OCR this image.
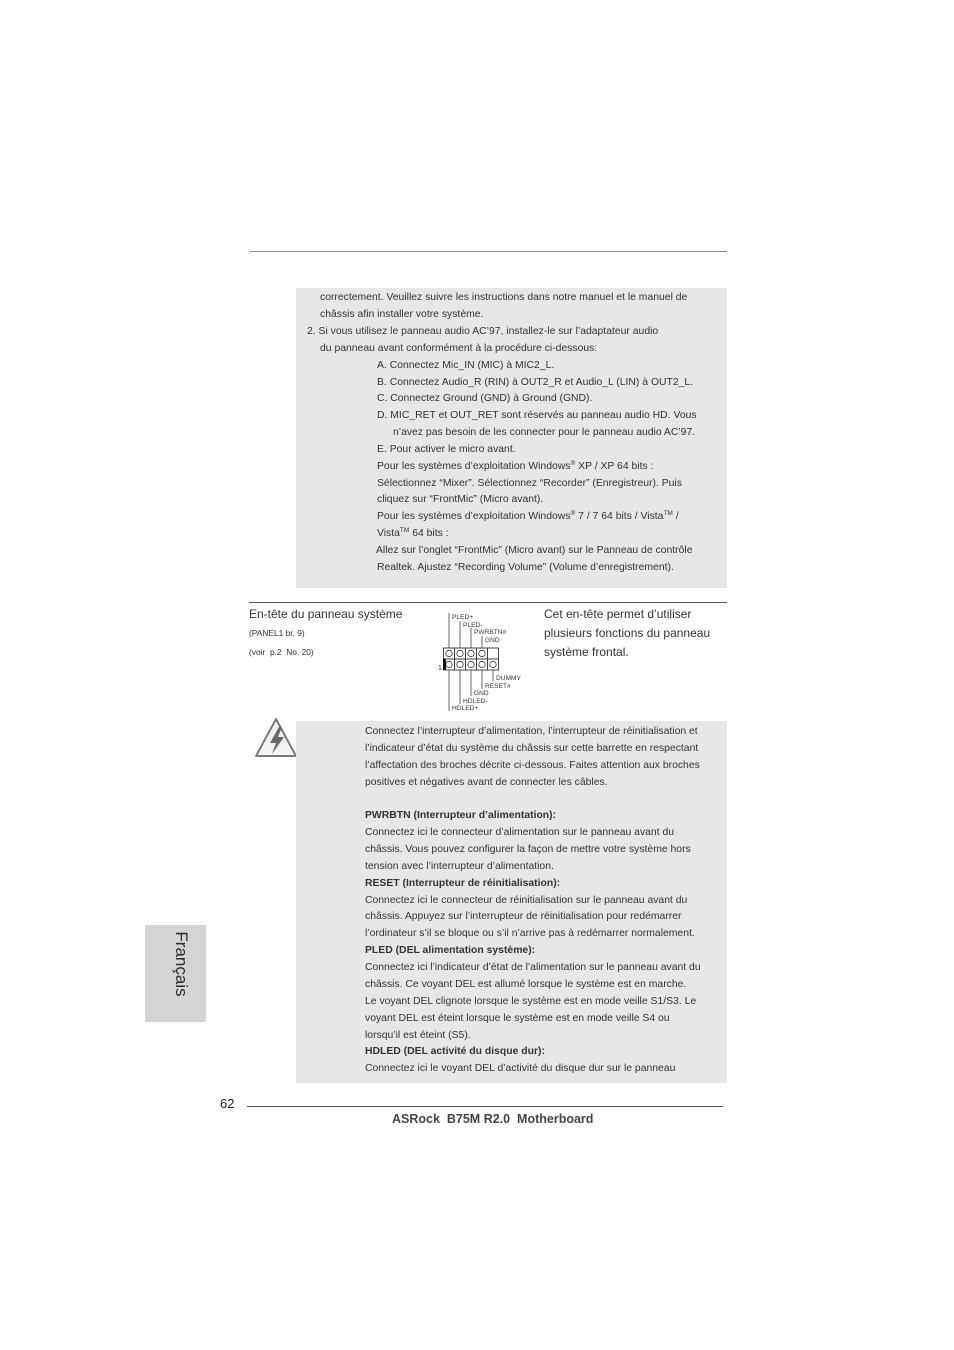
correctement. Veuillez suivre les instructions dans notre manuel et le manuel de
châssis afin installer votre système.
2. Si vous utilisez le panneau audio AC’97, installez-le sur l’adaptateur audio
du panneau avant conformément à la procédure ci-dessous:
A. Connectez Mic_IN (MIC) à MIC2_L.
B. Connectez Audio_R (RIN) à OUT2_R et Audio_L (LIN) à OUT2_L.
C. Connectez Ground (GND) à Ground (GND).
D. MIC_RET et OUT_RET sont réservés au panneau audio HD. Vous
n’avez pas besoin de les connecter pour le panneau audio AC’97.
E. Pour activer le micro avant.
Pour les systèmes d’exploitation Windows® XP / XP 64 bits :
Sélectionnez “Mixer”. Sélectionnez “Recorder” (Enregistreur). Puis
cliquez sur “FrontMic” (Micro avant).
Pour les systèmes d’exploitation Windows® 7 / 7 64 bits / Vista™ /
Vista™ 64 bits :
Allez sur l’onglet “FrontMic” (Micro avant) sur le Panneau de contrôle
Realtek. Ajustez “Recording Volume” (Volume d’enregistrement).
En-tête du panneau système
(PANEL1 br. 9)
(voir  p.2  No. 20)
Cet en-tête permet d’utiliser
plusieurs fonctions du panneau
système frontal.
1
PLED+
PLED-
PWRBTN#
GND
DUMMY
RESET#
GND
HDLED-
HDLED+
Connectez l’interrupteur d’alimentation, l’interrupteur de réinitialisation et
l’indicateur d’état du système du châssis sur cette barrette en respectant
l’affectation des broches décrite ci-dessous. Faites attention aux broches
positives et négatives avant de connecter les câbles.
PWRBTN (Interrupteur d’alimentation):
Connectez ici le connecteur d’alimentation sur le panneau avant du
châssis. Vous pouvez configurer la façon de mettre votre système hors
tension avec l’interrupteur d’alimentation.
RESET (Interrupteur de réinitialisation):
Connectez ici le connecteur de réinitialisation sur le panneau avant du
châssis. Appuyez sur l’interrupteur de réinitialisation pour redémarrer
l’ordinateur s’il se bloque ou s’il n’arrive pas à redémarrer normalement.
PLED (DEL alimentation système):
Connectez ici l’indicateur d’état de l’alimentation sur le panneau avant du
châssis. Ce voyant DEL est allumé lorsque le système est en marche.
Le voyant DEL clignote lorsque le système est en mode veille S1/S3. Le
voyant DEL est éteint lorsque le système est en mode veille S4 ou
lorsqu’il est éteint (S5).
HDLED (DEL activité du disque dur):
Connectez ici le voyant DEL d’activité du disque dur sur le panneau
Français
62
ASRock  B75M R2.0  Motherboard
